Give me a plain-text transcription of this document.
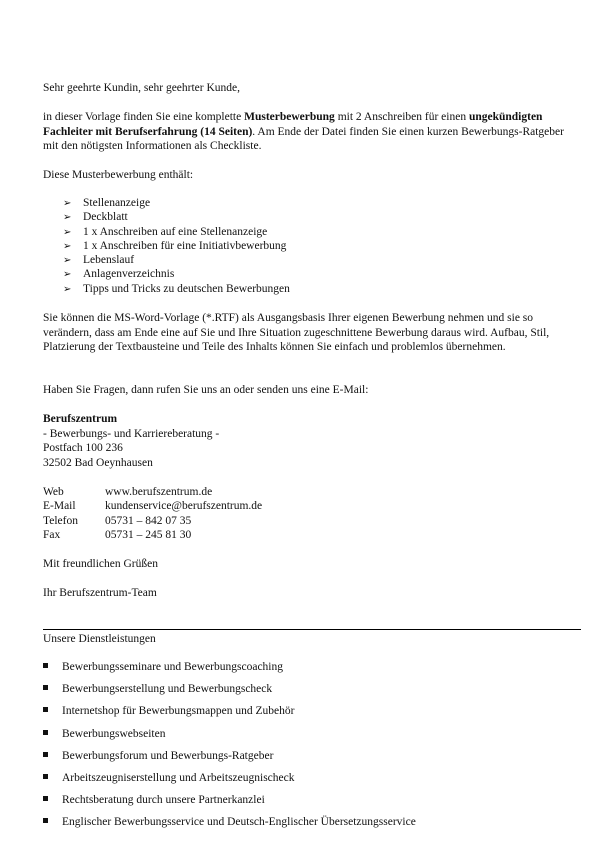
Sehr geehrte Kundin, sehr geehrter Kunde,

in dieser Vorlage finden Sie eine komplette Musterbewerbung mit 2 Anschreiben für einen ungekündigten Fachleiter mit Berufserfahrung (14 Seiten). Am Ende der Datei finden Sie einen kurzen Bewerbungs-Ratgeber mit den nötigsten Informationen als Checkliste.

Diese Musterbewerbung enthält:

➢	Stellenanzeige
➢	Deckblatt
➢	1 x Anschreiben auf eine Stellenanzeige
➢	1 x Anschreiben für eine Initiativbewerbung
➢	Lebenslauf
➢	Anlagenverzeichnis
➢	Tipps und Tricks zu deutschen Bewerbungen

Sie können die MS-Word-Vorlage (*.RTF) als Ausgangsbasis Ihrer eigenen Bewerbung nehmen und sie so verändern, dass am Ende eine auf Sie und Ihre Situation zugeschnittene Bewerbung daraus wird. Aufbau, Stil, Platzierung der Textbausteine und Teile des Inhalts können Sie einfach und problemlos übernehmen.

Haben Sie Fragen, dann rufen Sie uns an oder senden uns eine E-Mail:

Berufszentrum
- Bewerbungs- und Karriereberatung -
Postfach 100 236
32502 Bad Oeynhausen
Web	www.berufszentrum.de
E-Mail	kundenservice@berufszentrum.de
Telefon	05731 – 842 07 35
Fax	05731 – 245 81 30

Mit freundlichen Grüßen

Ihr Berufszentrum-Team

Unsere Dienstleistungen

Bewerbungsseminare und Bewerbungscoaching
Bewerbungserstellung und Bewerbungscheck
Internetshop für Bewerbungsmappen und Zubehör
Bewerbungswebseiten
Bewerbungsforum und Bewerbungs-Ratgeber
Arbeitszeugniserstellung und Arbeitszeugnischeck
Rechtsberatung durch unsere Partnerkanzlei
Englischer Bewerbungsservice und Deutsch-Englischer Übersetzungsservice
